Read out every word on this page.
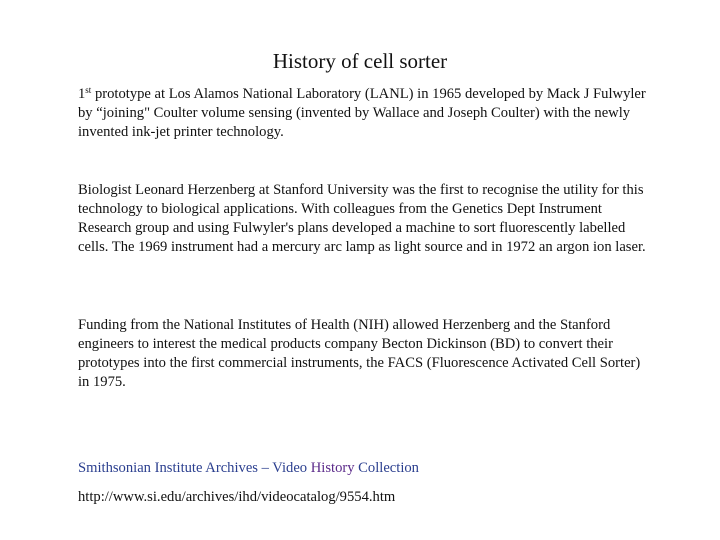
History of cell sorter

1st prototype at Los Alamos National Laboratory (LANL) in 1965 developed by Mack J Fulwyler by “joining" Coulter volume sensing (invented by Wallace and Joseph Coulter) with the newly invented ink-jet printer technology.

Biologist Leonard Herzenberg at Stanford University was the first to recognise the utility for this technology to biological applications. With colleagues from the Genetics Dept Instrument Research group and using Fulwyler's plans developed a machine to sort fluorescently labelled cells. The 1969 instrument had a mercury arc lamp as light source and in 1972 an argon ion laser.

Funding from the National Institutes of Health (NIH) allowed Herzenberg and the Stanford engineers to interest the medical products company Becton Dickinson (BD) to convert their prototypes into the first commercial instruments, the FACS (Fluorescence Activated Cell Sorter) in 1975.

Smithsonian Institute Archives – Video History Collection
http://www.si.edu/archives/ihd/videocatalog/9554.htm
